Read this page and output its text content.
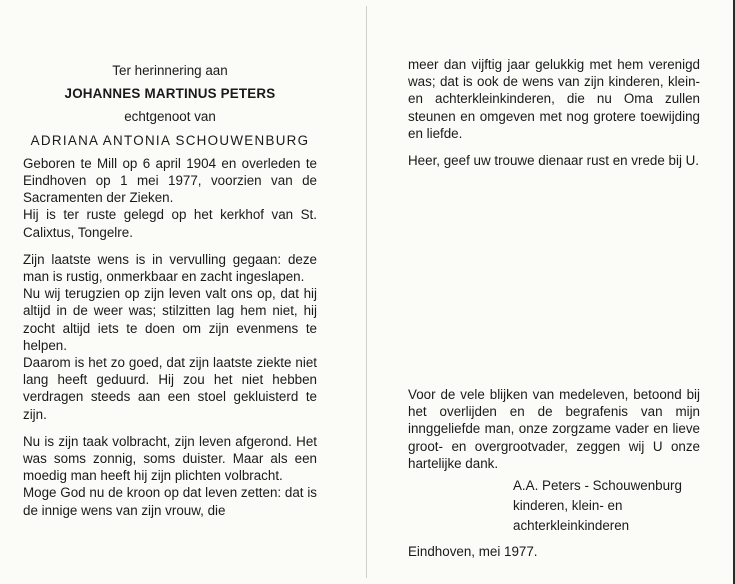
Ter herinnering aan

JOHANNES MARTINUS PETERS

echtgenoot van

ADRIANA ANTONIA SCHOUWENBURG

Geboren te Mill op 6 april 1904 en overleden te Eindhoven op 1 mei 1977, voorzien van de Sacramenten der Zieken.

Hij is ter ruste gelegd op het kerkhof van St. Calixtus, Tongelre.

Zijn laatste wens is in vervulling gegaan: deze man is rustig, onmerkbaar en zacht ingeslapen.

Nu wij terugzien op zijn leven valt ons op, dat hij altijd in de weer was; stilzitten lag hem niet, hij zocht altijd iets te doen om zijn evenmens te helpen.

Daarom is het zo goed, dat zijn laatste ziekte niet lang heeft geduurd. Hij zou het niet hebben verdragen steeds aan een stoel gekluisterd te zijn.

Nu is zijn taak volbracht, zijn leven afgerond. Het was soms zonnig, soms duister. Maar als een moedig man heeft hij zijn plichten volbracht.

Moge God nu de kroon op dat leven zetten: dat is de innige wens van zijn vrouw, die

meer dan vijftig jaar gelukkig met hem verenigd was; dat is ook de wens van zijn kinderen, klein- en achterkleinkinderen, die nu Oma zullen steunen en omgeven met nog grotere toewijding en liefde.

Heer, geef uw trouwe dienaar rust en vrede bij U.

Voor de vele blijken van medeleven, betoond bij het overlijden en de begrafenis van mijn innggeliefde man, onze zorgzame vader en lieve groot- en overgrootvader, zeggen wij U onze hartelijke dank.

A.A. Peters - Schouwenburg

kinderen, klein- en

achterkleinkinderen

Eindhoven, mei 1977.
